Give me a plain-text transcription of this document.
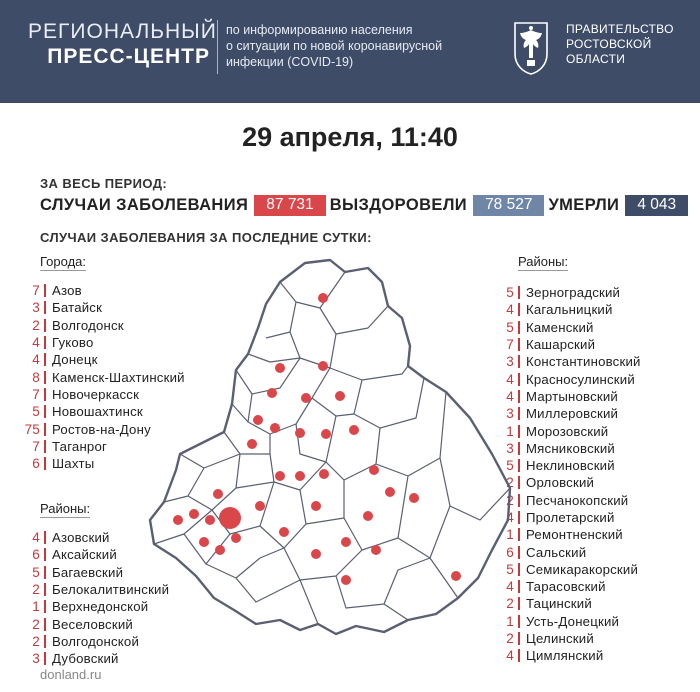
РЕГИОНАЛЬНЫЙ
ПРЕСС-ЦЕНТР
по информированию населения
о ситуации по новой коронавирусной
инфекции (COVID-19)
ПРАВИТЕЛЬСТВО
РОСТОВСКОЙ
ОБЛАСТИ
29 апреля, 11:40
ЗА ВЕСЬ ПЕРИОД:
СЛУЧАИ ЗАБОЛЕВАНИЯ	87 731 ВЫЗДОРОВЕЛИ	78 527 УМЕРЛИ	4 043
СЛУЧАИ ЗАБОЛЕВАНИЯ ЗА ПОСЛЕДНИЕ СУТКИ:
Города:
7 Азов
3 Батайск
2 Волгодонск
4 Гуково
4 Донецк
8 Каменск-Шахтинский
7 Новочеркасск
5 Новошахтинск
75 Ростов-на-Дону
7 Таганрог
6 Шахты
Районы:
4 Азовский
6 Аксайский
5 Багаевский
2 Белокалитвинский
1 Верхнедонской
2 Веселовский
2 Волгодонской
3 Дубовский
Районы:
5 Зерноградский
4 Кагальницкий
5 Каменский
7 Кашарский
3 Константиновский
4 Красносулинский
4 Мартыновский
3 Миллеровский
1 Морозовский
3 Мясниковский
5 Неклиновский
2 Орловский
2 Песчанокопский
4 Пролетарский
1 Ремонтненский
6 Сальский
5 Семикаракорский
4 Тарасовский
2 Тацинский
1 Усть-Донецкий
2 Целинский
4 Цимлянский
donland.ru
